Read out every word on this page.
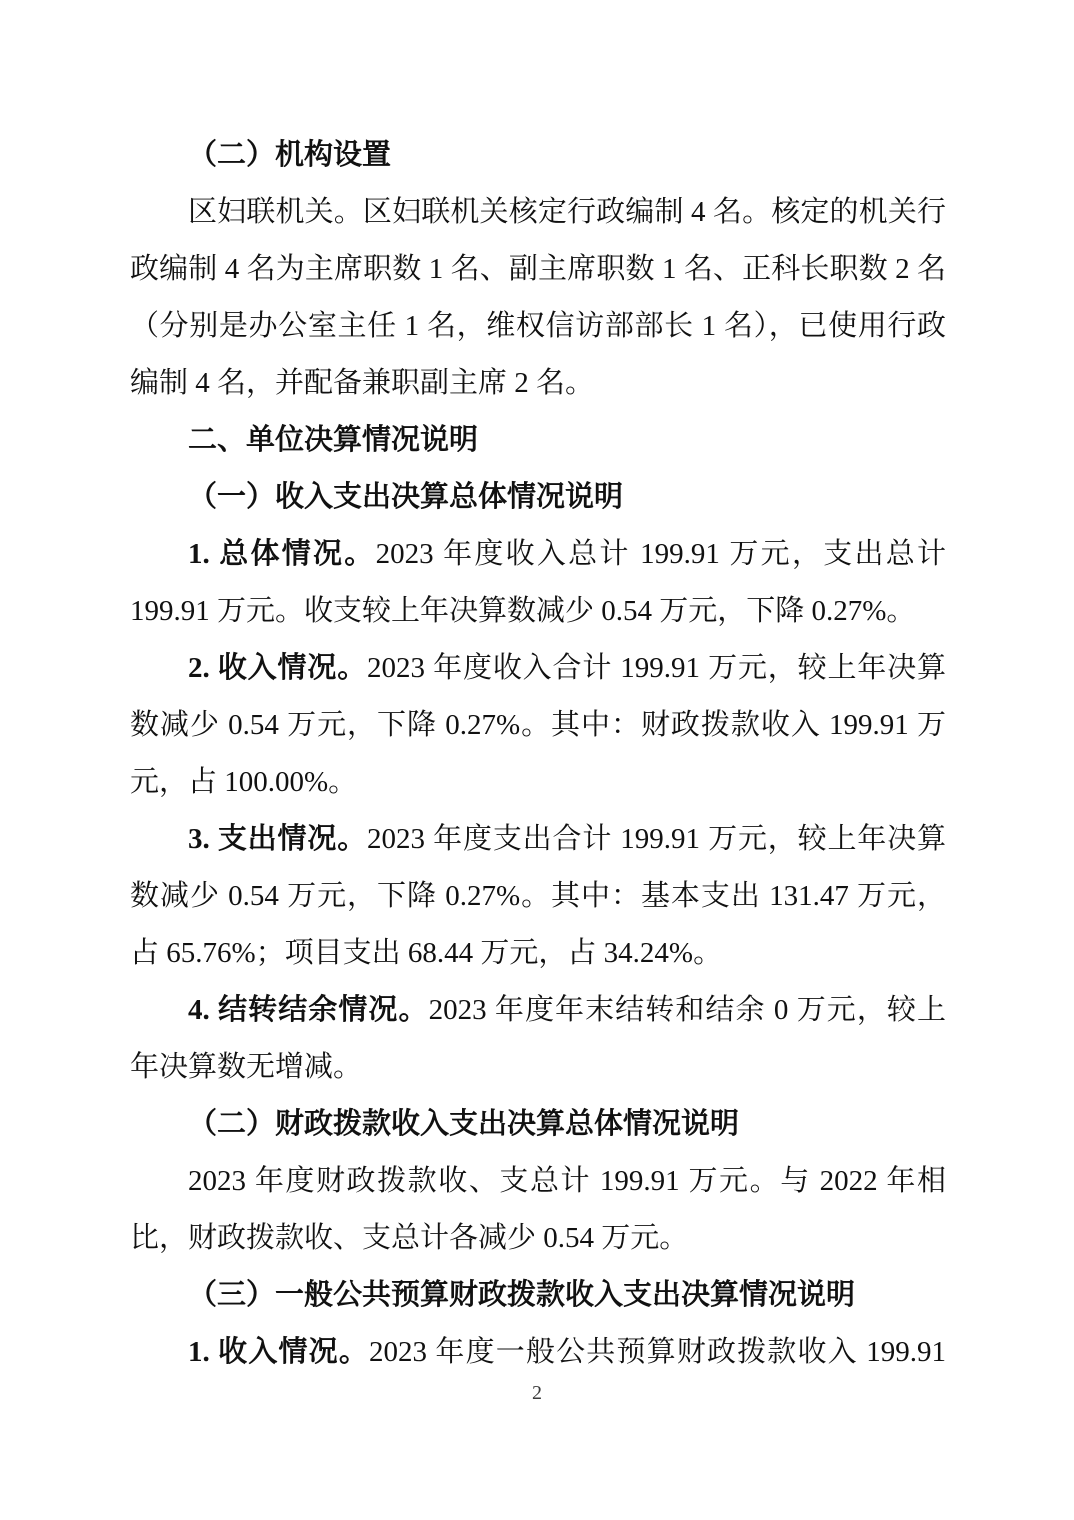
（二）机构设置

区妇联机关。区妇联机关核定行政编制 4 名。核定的机关行政编制 4 名为主席职数 1 名、副主席职数 1 名、正科长职数 2 名（分别是办公室主任 1 名，维权信访部部长 1 名），已使用行政编制 4 名，并配备兼职副主席 2 名。

二、单位决算情况说明

（一）收入支出决算总体情况说明

1. 总体情况。2023 年度收入总计 199.91 万元，支出总计 199.91 万元。收支较上年决算数减少 0.54 万元，下降 0.27%。

2. 收入情况。2023 年度收入合计 199.91 万元，较上年决算数减少 0.54 万元，下降 0.27%。其中：财政拨款收入 199.91 万元，占 100.00%。

3. 支出情况。2023 年度支出合计 199.91 万元，较上年决算数减少 0.54 万元，下降 0.27%。其中：基本支出 131.47 万元，占 65.76%；项目支出 68.44 万元，占 34.24%。

4. 结转结余情况。2023 年度年末结转和结余 0 万元，较上年决算数无增减。

（二）财政拨款收入支出决算总体情况说明

2023 年度财政拨款收、支总计 199.91 万元。与 2022 年相比，财政拨款收、支总计各减少 0.54 万元。

（三）一般公共预算财政拨款收入支出决算情况说明

1. 收入情况。2023 年度一般公共预算财政拨款收入 199.91

2
